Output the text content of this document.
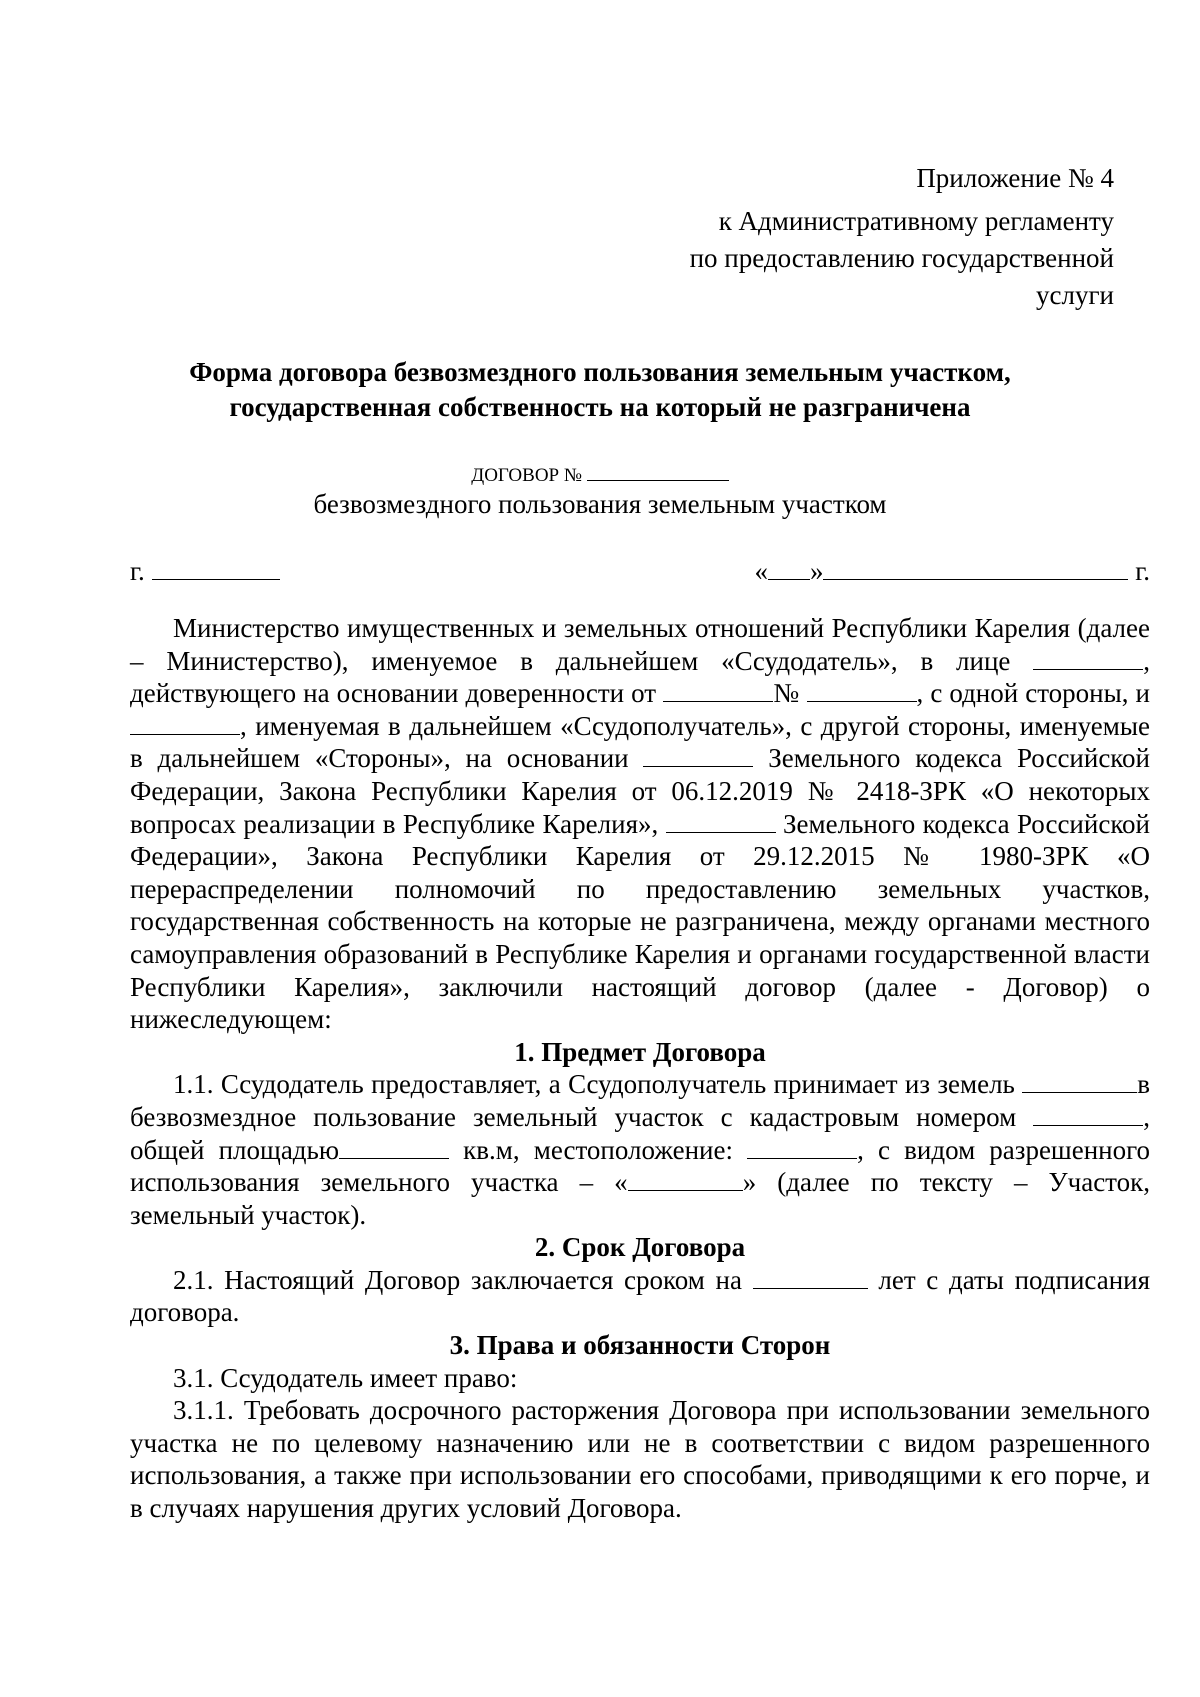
Приложение № 4
к Административному регламенту
по предоставлению государственной
услуги
Форма договора безвозмездного пользования земельным участком,
государственная собственность на который не разграничена
ДОГОВОР №
безвозмездного пользования земельным участком
г.	« »	г.

Министерство имущественных и земельных отношений Республики Карелия (далее – Министерство), именуемое в дальнейшем «Ссудодатель», в лице	, действующего на основании доверенности от	№	, с одной стороны, и , именуемая в дальнейшем «Ссудополучатель», с другой стороны, именуемые в дальнейшем «Стороны», на основании	Земельного кодекса Российской Федерации, Закона Республики Карелия от 06.12.2019 № 2418-ЗРК «О некоторых вопросах реализации в Республике Карелия»,	Земельного кодекса Российской Федерации», Закона Республики Карелия от 29.12.2015 № 1980-ЗРК «О перераспределении полномочий по предоставлению земельных участков, государственная собственность на которые не разграничена, между органами местного самоуправления образований в Республике Карелия и органами государственной власти Республики Карелия», заключили настоящий договор (далее - Договор) о нижеследующем:

1. Предмет Договора

1.1. Ссудодатель предоставляет, а Ссудополучатель принимает из земель	в безвозмездное пользование земельный участок с кадастровым номером	, общей площадью	кв.м, местоположение:	, с видом разрешенного использования земельного участка – «	» (далее по тексту – Участок, земельный участок).

2. Срок Договора

2.1. Настоящий Договор заключается сроком на	лет с даты подписания договора.

3. Права и обязанности Сторон

3.1. Ссудодатель имеет право:

3.1.1. Требовать досрочного расторжения Договора при использовании земельного участка не по целевому назначению или не в соответствии с видом разрешенного использования, а также при использовании его способами, приводящими к его порче, и в случаях нарушения других условий Договора.
